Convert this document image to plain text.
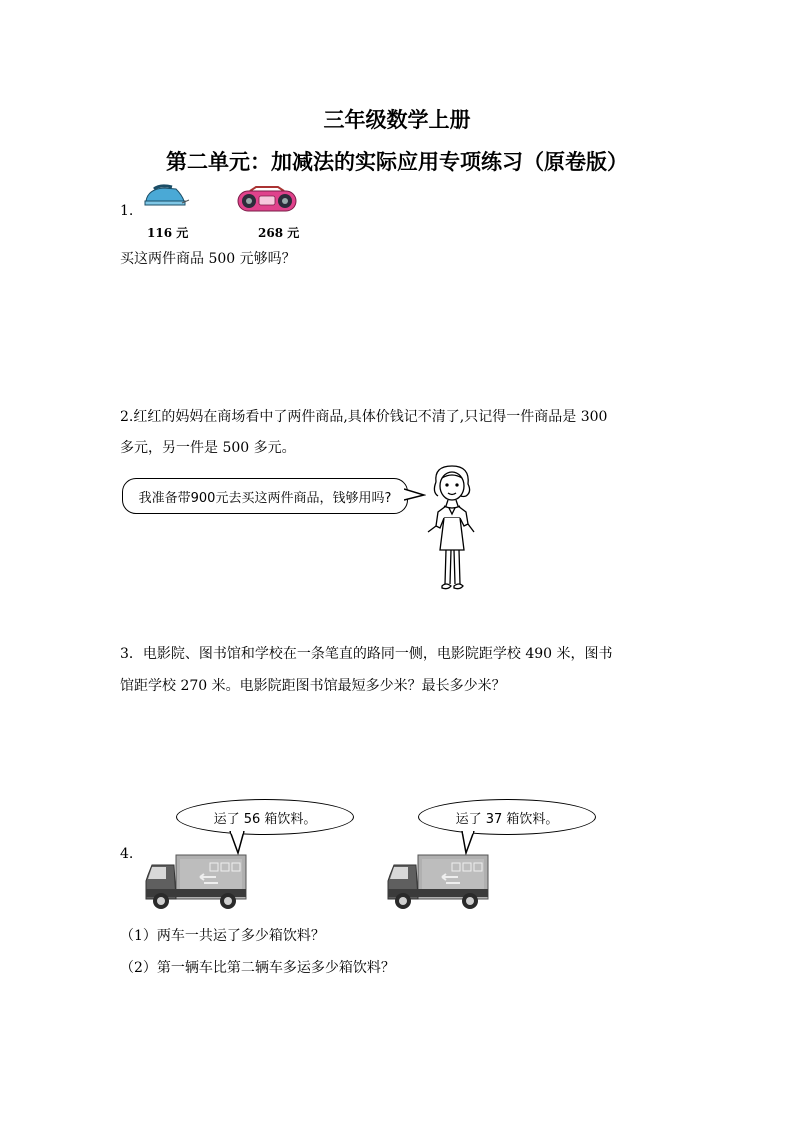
三年级数学上册
第二单元：加减法的实际应用专项练习（原卷版）
1.
116 元	268 元
买这两件商品 500 元够吗？
2.红红的妈妈在商场看中了两件商品,具体价钱记不清了,只记得一件商品是 300
多元，另一件是 500 多元。
我准备带900元去买这两件商品，钱够用吗?
3．电影院、图书馆和学校在一条笔直的路同一侧，电影院距学校 490 米，图书
馆距学校 270 米。电影院距图书馆最短多少米？最长多少米？
运了 56 箱饮料。	运了 37 箱饮料。
4.
（1）两车一共运了多少箱饮料？
（2）第一辆车比第二辆车多运多少箱饮料？
